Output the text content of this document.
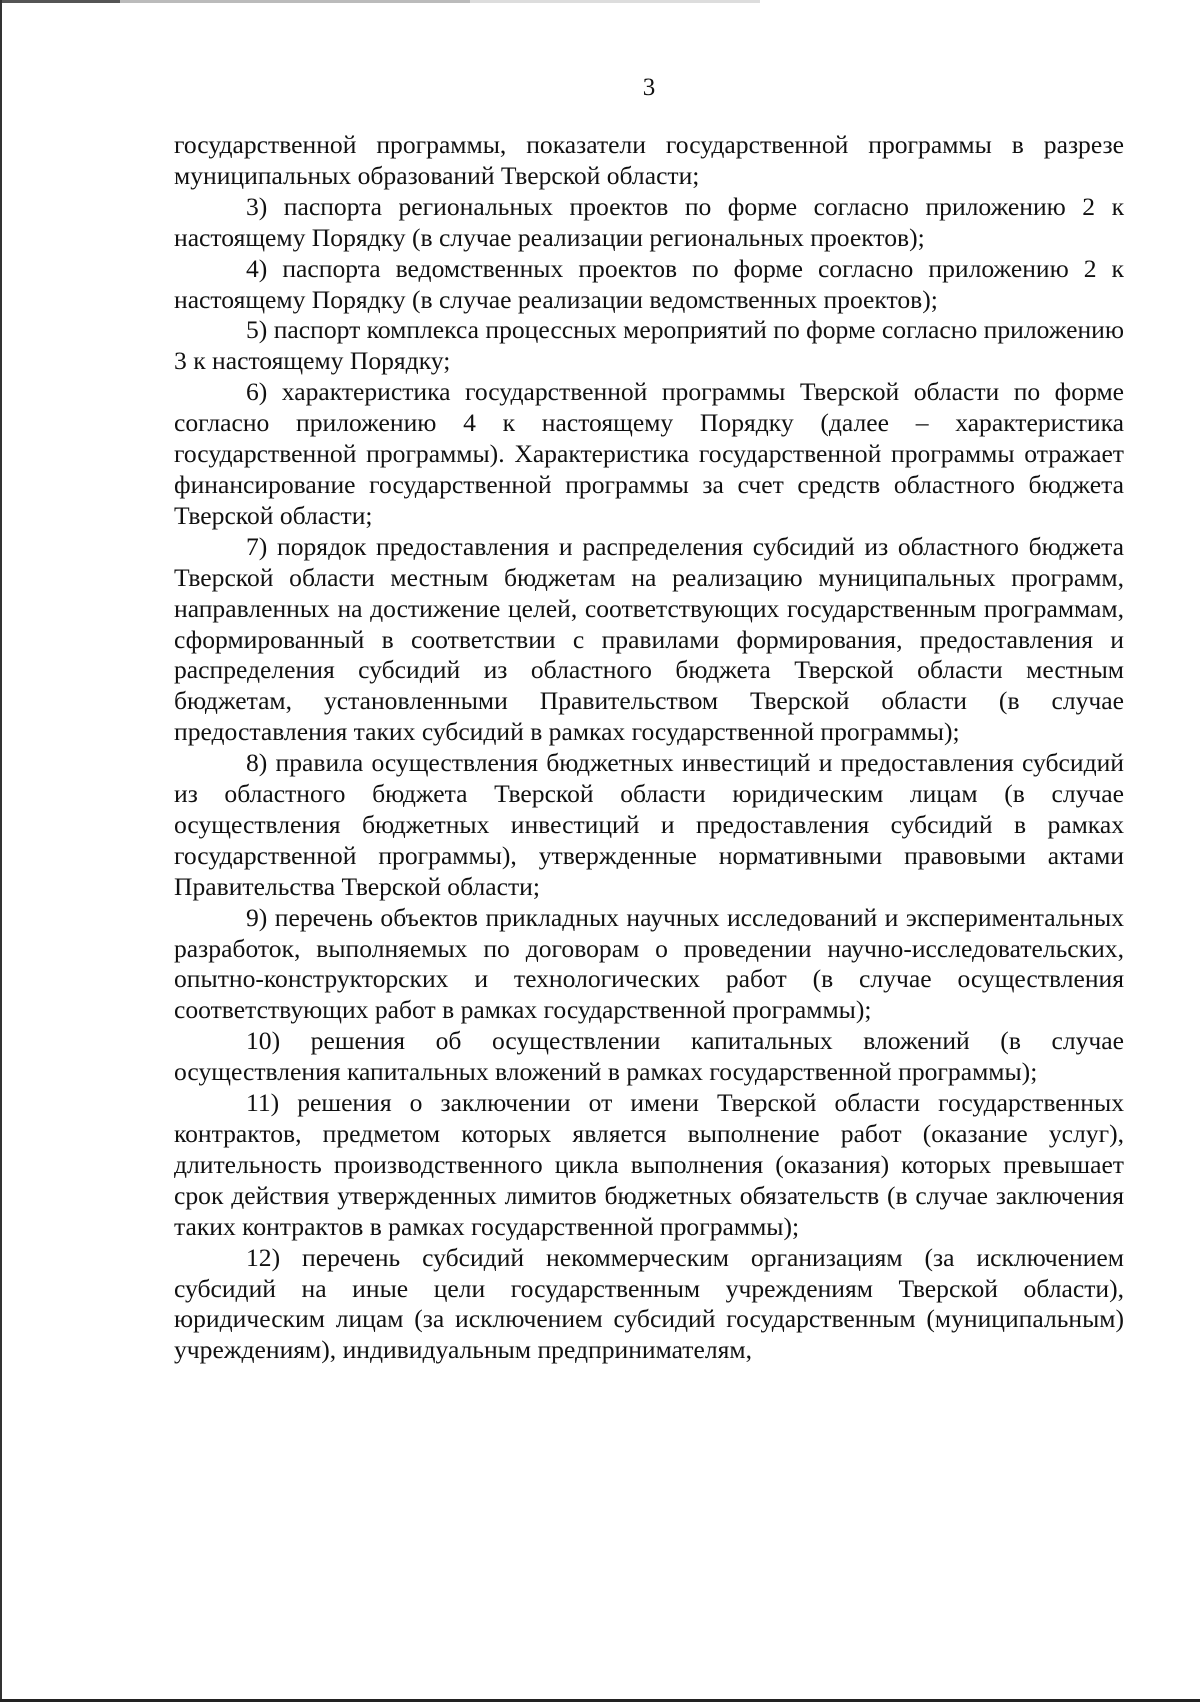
3

государственной программы, показатели государственной программы в разрезе муниципальных образований Тверской области;

3) паспорта региональных проектов по форме согласно приложению 2 к настоящему Порядку (в случае реализации региональных проектов);

4) паспорта ведомственных проектов по форме согласно приложению 2 к настоящему Порядку (в случае реализации ведомственных проектов);

5) паспорт комплекса процессных мероприятий по форме согласно приложению 3 к настоящему Порядку;

6) характеристика государственной программы Тверской области по форме согласно приложению 4 к настоящему Порядку (далее – характеристика государственной программы). Характеристика государственной программы отражает финансирование государственной программы за счет средств областного бюджета Тверской области;

7) порядок предоставления и распределения субсидий из областного бюджета Тверской области местным бюджетам на реализацию муниципальных программ, направленных на достижение целей, соответствующих государственным программам, сформированный в соответствии с правилами формирования, предоставления и распределения субсидий из областного бюджета Тверской области местным бюджетам, установленными Правительством Тверской области (в случае предоставления таких субсидий в рамках государственной программы);

8) правила осуществления бюджетных инвестиций и предоставления субсидий из областного бюджета Тверской области юридическим лицам (в случае осуществления бюджетных инвестиций и предоставления субсидий в рамках государственной программы), утвержденные нормативными правовыми актами Правительства Тверской области;

9) перечень объектов прикладных научных исследований и экспериментальных разработок, выполняемых по договорам о проведении научно-исследовательских, опытно-конструкторских и технологических работ (в случае осуществления соответствующих работ в рамках государственной программы);

10) решения об осуществлении капитальных вложений (в случае осуществления капитальных вложений в рамках государственной программы);

11) решения о заключении от имени Тверской области государственных контрактов, предметом которых является выполнение работ (оказание услуг), длительность производственного цикла выполнения (оказания) которых превышает срок действия утвержденных лимитов бюджетных обязательств (в случае заключения таких контрактов в рамках государственной программы);

12) перечень субсидий некоммерческим организациям (за исключением субсидий на иные цели государственным учреждениям Тверской области), юридическим лицам (за исключением субсидий государственным (муниципальным) учреждениям), индивидуальным предпринимателям,
